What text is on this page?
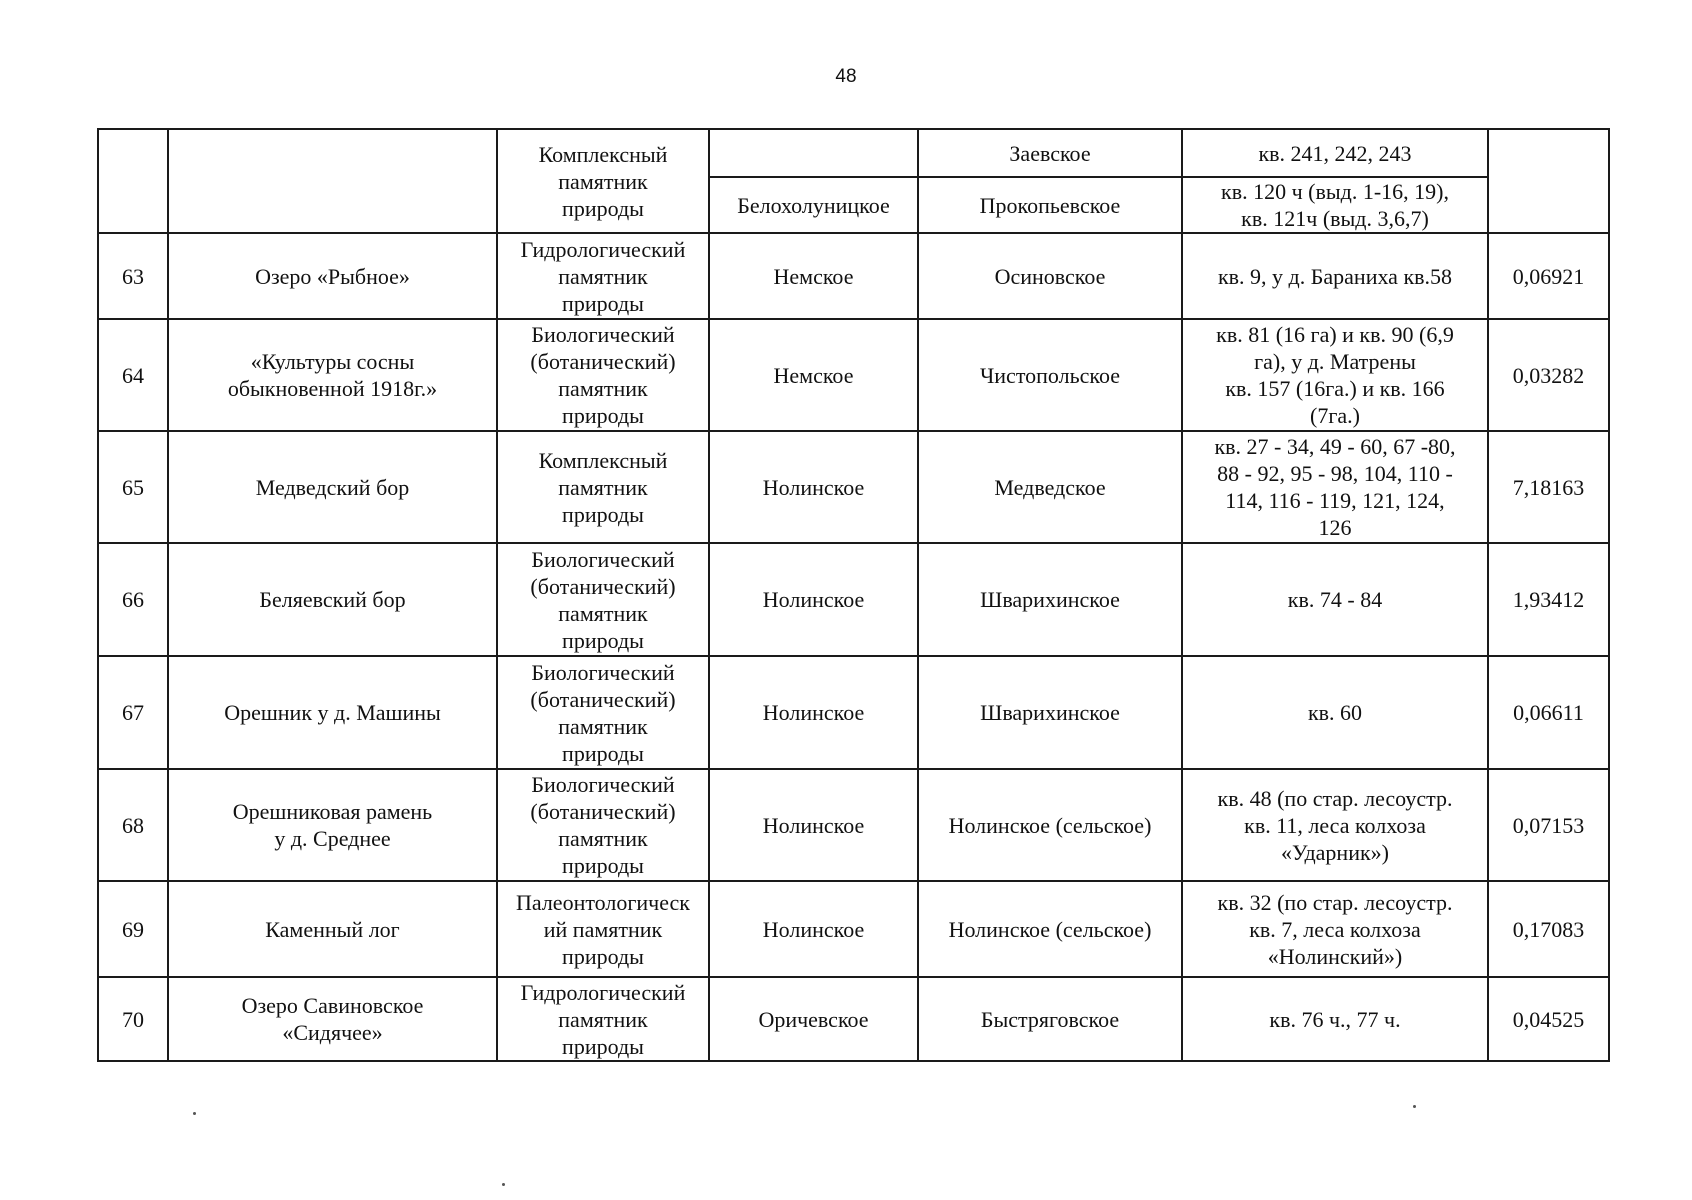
48
		Комплексный
памятник
природы		Заевское	кв. 241, 242, 243	
			Белохолуницкое	Прокопьевское	кв. 120 ч (выд. 1-16, 19),
кв. 121ч (выд. 3,6,7)	
63	Озеро «Рыбное»	Гидрологический
памятник
природы	Немское	Осиновское	кв. 9, у д. Бараниха кв.58	0,06921
64	«Культуры сосны
обыкновенной 1918г.»	Биологический
(ботанический)
памятник
природы	Немское	Чистопольское	кв. 81 (16 га) и кв. 90 (6,9
га), у д. Матрены
кв. 157 (16га.) и кв. 166
(7га.)	0,03282
65	Медведский бор	Комплексный
памятник
природы	Нолинское	Медведское	кв. 27 - 34, 49 - 60, 67 -80,
88 - 92, 95 - 98, 104, 110 -
114, 116 - 119, 121, 124,
126	7,18163
66	Беляевский бор	Биологический
(ботанический)
памятник
природы	Нолинское	Шварихинское	кв. 74 - 84	1,93412
67	Орешник у д. Машины	Биологический
(ботанический)
памятник
природы	Нолинское	Шварихинское	кв. 60	0,06611
68	Орешниковая рамень
у д. Среднее	Биологический
(ботанический)
памятник
природы	Нолинское	Нолинское (сельское)	кв. 48 (по стар. лесоустр.
кв. 11, леса колхоза
«Ударник»)	0,07153
69	Каменный лог	Палеонтологическ
ий памятник
природы	Нолинское	Нолинское (сельское)	кв. 32 (по стар. лесоустр.
кв. 7, леса колхоза
«Нолинский»)	0,17083
70	Озеро Савиновское
«Сидячее»	Гидрологический
памятник
природы	Оричевское	Быстряговское	кв. 76 ч., 77 ч.	0,04525
